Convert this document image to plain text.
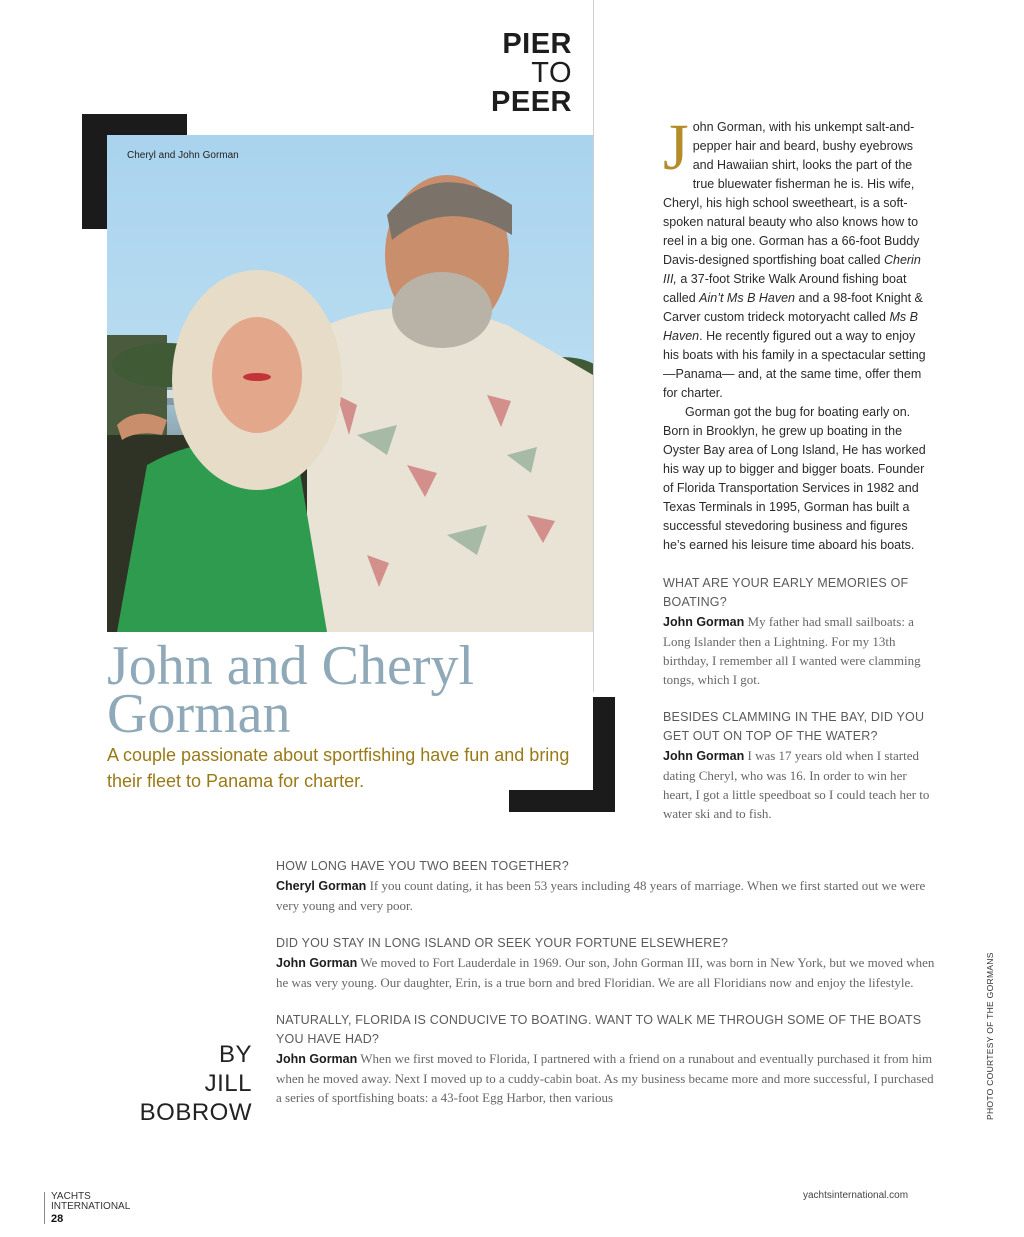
PIER
TO
PEER
Cheryl and John Gorman
John and Cheryl
Gorman
A couple passionate about sportfishing have fun and bring their fleet to Panama for charter.

John Gorman, with his unkempt salt-and-pepper hair and beard, bushy eyebrows and Hawaiian shirt, looks the part of the true bluewater fisherman he is. His wife, Cheryl, his high school sweetheart, is a soft-spoken natural beauty who also knows how to reel in a big one. Gorman has a 66-foot Buddy Davis-designed sportfishing boat called Cherin III, a 37-foot Strike Walk Around fishing boat called Ain’t Ms B Haven and a 98-foot Knight & Carver custom trideck motoryacht called Ms B Haven. He recently figured out a way to enjoy his boats with his family in a spectacular setting—Panama— and, at the same time, offer them for charter.

Gorman got the bug for boating early on. Born in Brooklyn, he grew up boating in the Oyster Bay area of Long Island, He has worked his way up to bigger and bigger boats. Founder of Florida Transportation Services in 1982 and Texas Terminals in 1995, Gorman has built a successful stevedoring business and figures he’s earned his leisure time aboard his boats.

WHAT ARE YOUR EARLY MEMORIES OF BOATING?
John Gorman My father had small sailboats: a Long Islander then a Lightning. For my 13th birthday, I remember all I wanted were clamming tongs, which I got.
BESIDES CLAMMING IN THE BAY, DID YOU GET OUT ON TOP OF THE WATER?
John Gorman I was 17 years old when I started dating Cheryl, who was 16. In order to win her heart, I got a little speedboat so I could teach her to water ski and to fish.
HOW LONG HAVE YOU TWO BEEN TOGETHER?
Cheryl Gorman If you count dating, it has been 53 years including 48 years of marriage. When we first started out we were very young and very poor.
DID YOU STAY IN LONG ISLAND OR SEEK YOUR FORTUNE ELSEWHERE?
John Gorman We moved to Fort Lauderdale in 1969. Our son, John Gorman III, was born in New York, but we moved when he was very young. Our daughter, Erin, is a true born and bred Floridian. We are all Floridians now and enjoy the lifestyle.
NATURALLY, FLORIDA IS CONDUCIVE TO BOATING. WANT TO WALK ME THROUGH SOME OF THE BOATS YOU HAVE HAD?
John Gorman When we first moved to Florida, I partnered with a friend on a runabout and eventually purchased it from him when he moved away. Next I moved up to a cuddy-cabin boat. As my business became more and more successful, I purchased a series of sportfishing boats: a 43-foot Egg Harbor, then various
BY
JILL
BOBROW	PHOTO COURTESY OF THE GORMANS
YACHTS
INTERNATIONAL
28
yachtsinternational.com
